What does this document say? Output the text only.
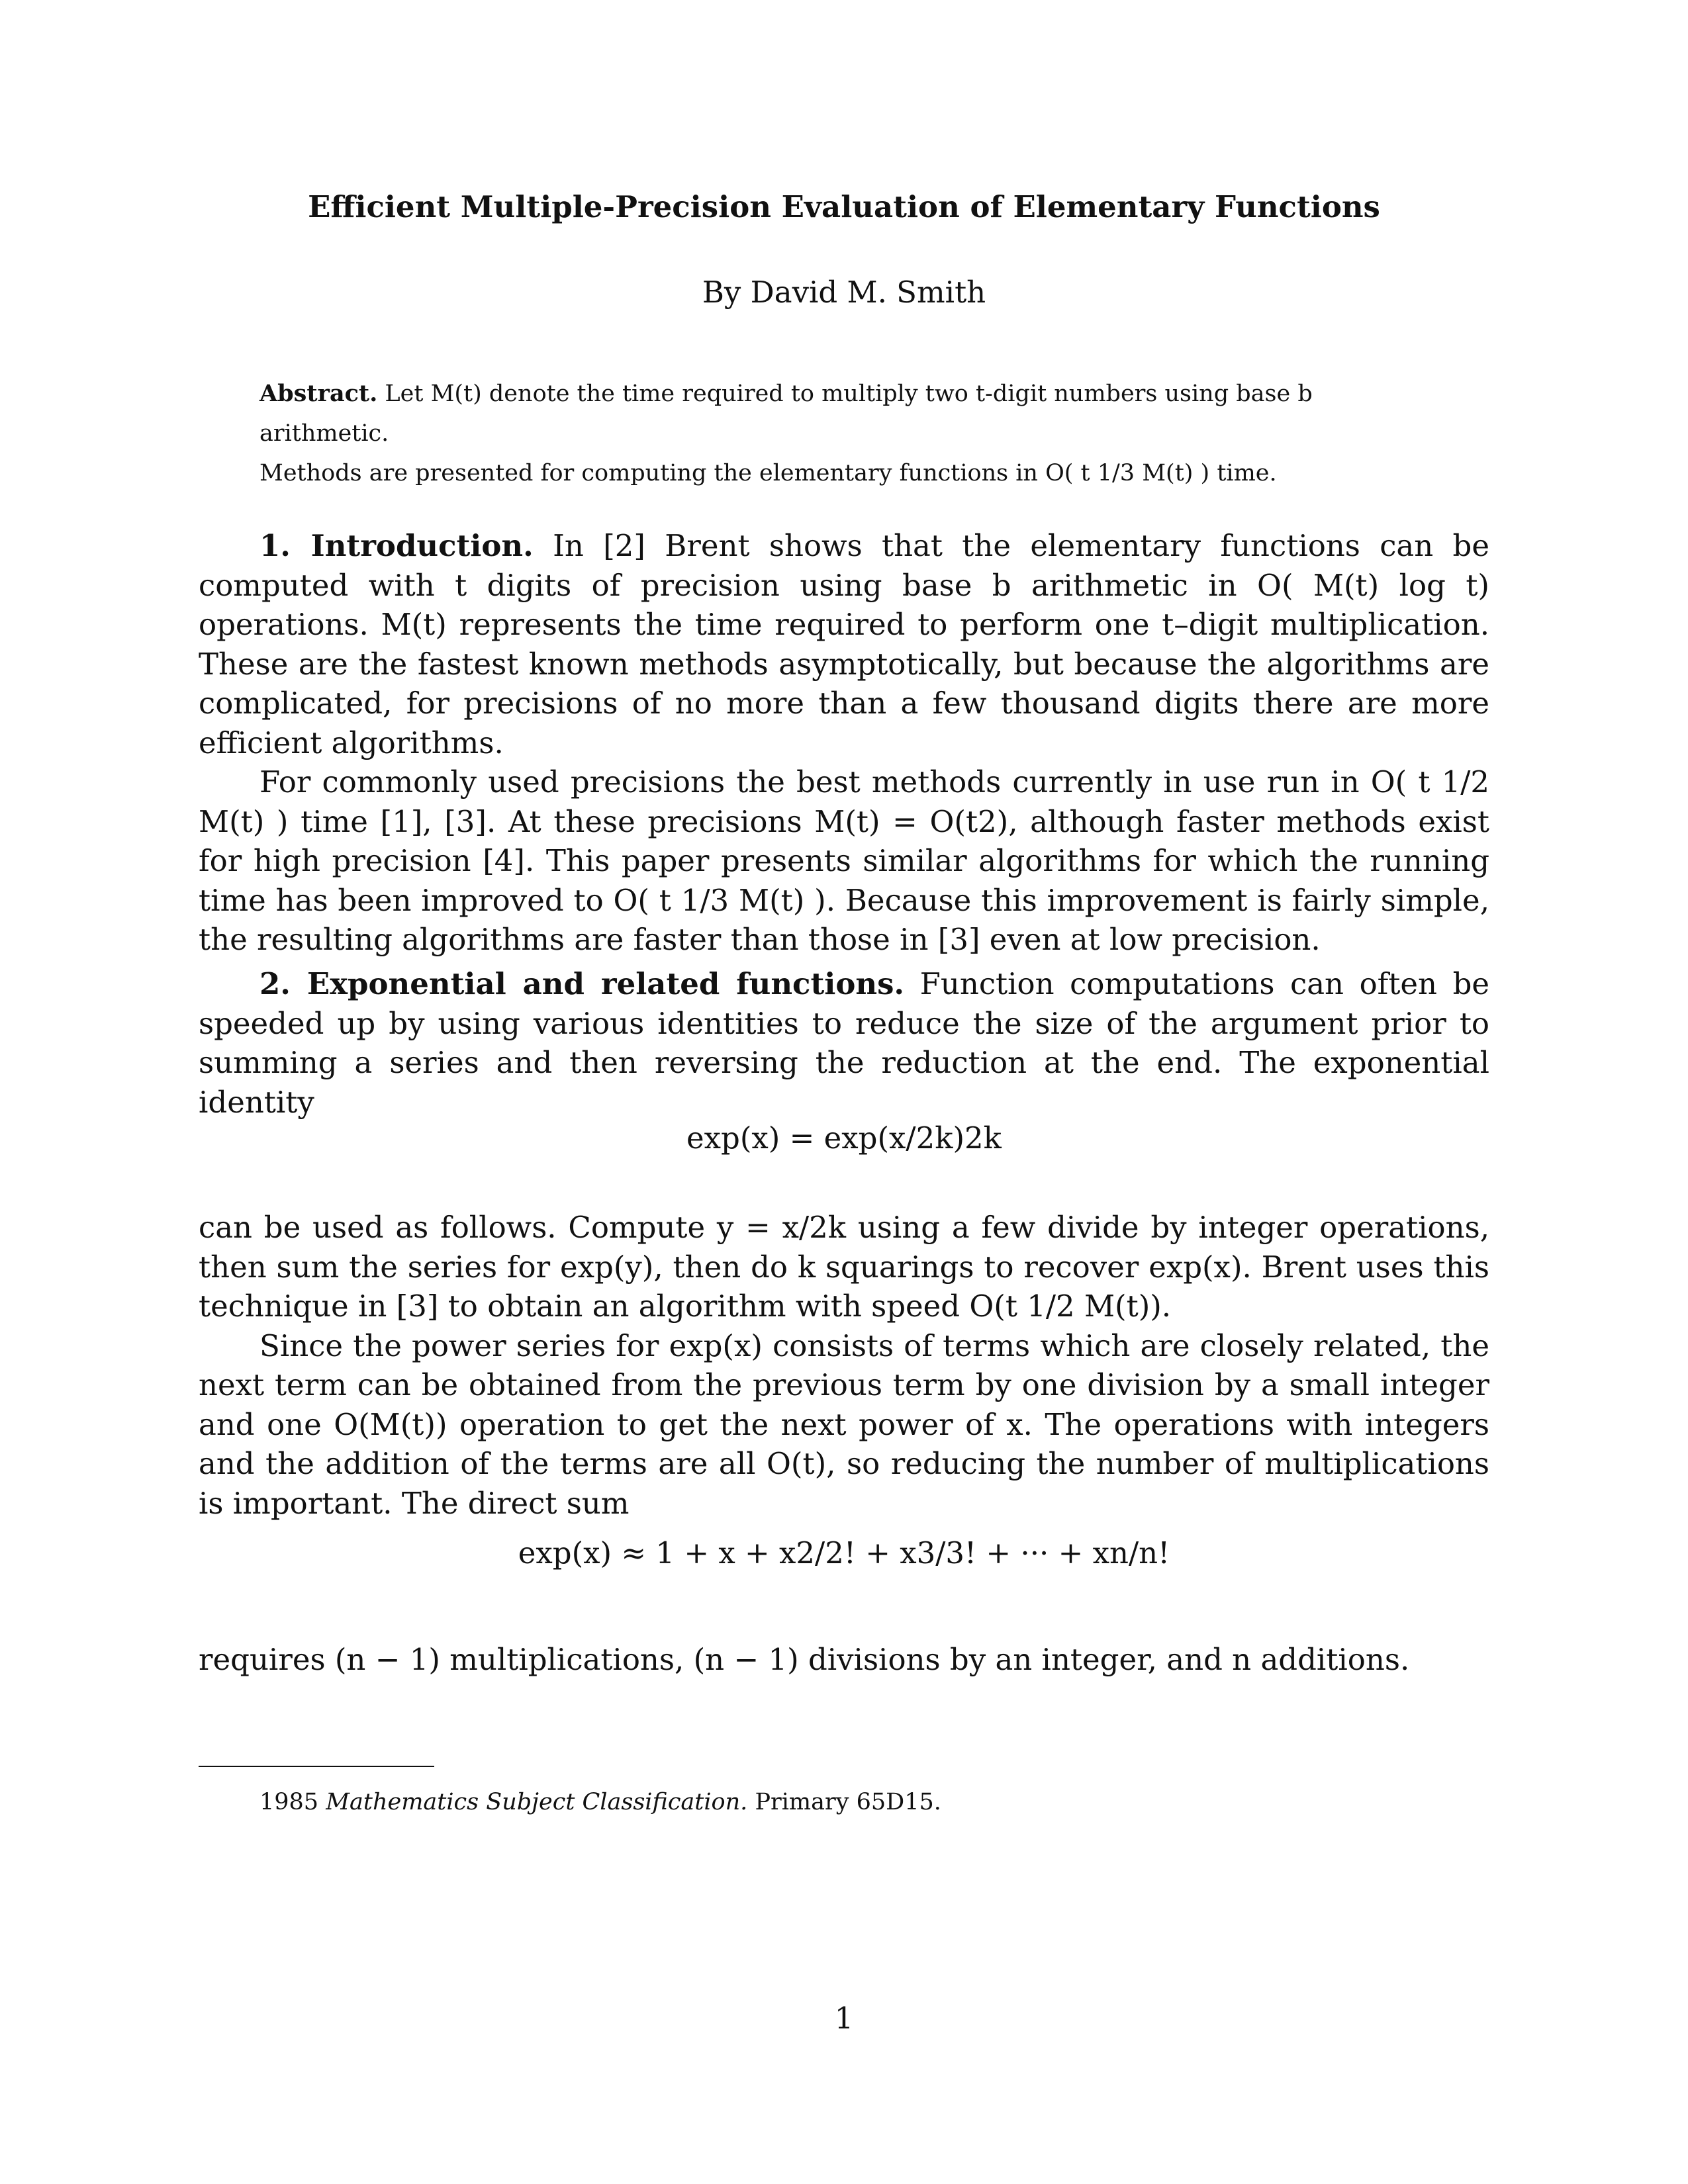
Efficient Multiple-Precision Evaluation of Elementary Functions
By David M. Smith

Abstract. Let M(t) denote the time required to multiply two t-digit numbers using base b arithmetic.

Methods are presented for computing the elementary functions in O( t 1/3 M(t) ) time.

1. Introduction. In [2] Brent shows that the elementary functions can be computed with t digits of precision using base b arithmetic in O( M(t) log t) operations. M(t) represents the time required to perform one t–digit multiplication. These are the fastest known methods asymptotically, but because the algorithms are complicated, for precisions of no more than a few thousand digits there are more efficient algorithms.

For commonly used precisions the best methods currently in use run in O( t 1/2 M(t) ) time [1], [3]. At these precisions M(t) = O(t2), although faster methods exist for high precision [4]. This paper presents similar algorithms for which the running time has been improved to O( t 1/3 M(t) ). Because this improvement is fairly simple, the resulting algorithms are faster than those in [3] even at low precision.

2. Exponential and related functions. Function computations can often be speeded up by using various identities to reduce the size of the argument prior to summing a series and then reversing the reduction at the end. The exponential identity

exp(x) = exp(x/2k)2k

can be used as follows. Compute y = x/2k using a few divide by integer operations, then sum the series for exp(y), then do k squarings to recover exp(x). Brent uses this technique in [3] to obtain an algorithm with speed O(t 1/2 M(t)).

Since the power series for exp(x) consists of terms which are closely related, the next term can be obtained from the previous term by one division by a small integer and one O(M(t)) operation to get the next power of x. The operations with integers and the addition of the terms are all O(t), so reducing the number of multiplications is important. The direct sum

exp(x) ≈ 1 + x + x2/2! + x3/3! + ··· + xn/n!

requires (n − 1) multiplications, (n − 1) divisions by an integer, and n additions.

1985 Mathematics Subject Classification. Primary 65D15.
1
